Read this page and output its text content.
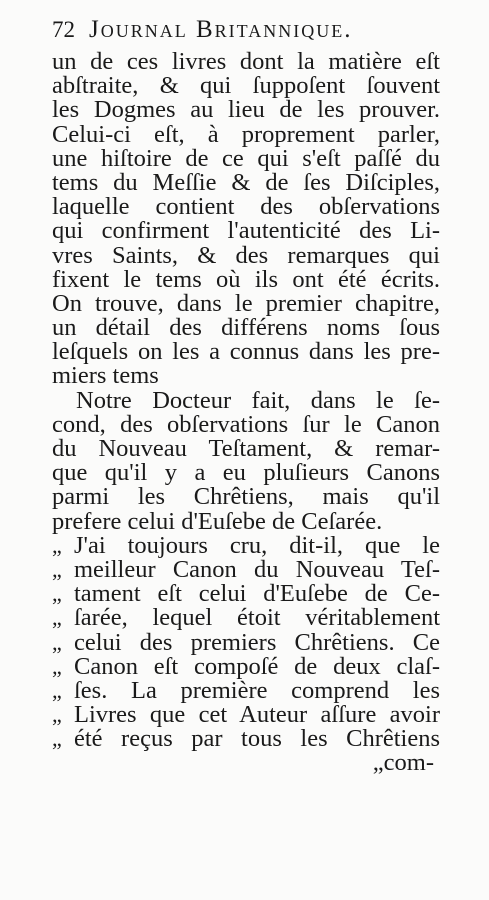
72 Journal Britannique.
un de ces livres dont la matière eſt
abſtraite, & qui ſuppoſent ſouvent
les Dogmes au lieu de les prouver.
Celui-ci eſt, à proprement parler,
une hiſtoire de ce qui s'eſt paſſé du
tems du Meſſie & de ſes Diſciples,
laquelle contient des obſervations
qui confirment l'autenticité des Li-
vres Saints, & des remarques qui
fixent le tems où ils ont été écrits.
On trouve, dans le premier chapitre,
un détail des différens noms ſous
leſquels on les a connus dans les pre-
miers tems
Notre Docteur fait, dans le ſe-
cond, des obſervations ſur le Canon
du Nouveau Teſtament, & remar-
que qu'il y a eu pluſieurs Canons
parmi les Chrêtiens, mais qu'il
prefere celui d'Euſebe de Ceſarée.
„ J'ai toujours cru, dit-il, que le
„ meilleur Canon du Nouveau Teſ-
„ tament eſt celui d'Euſebe de Ce-
„ ſarée, lequel étoit véritablement
„ celui des premiers Chrêtiens. Ce
„ Canon eſt compoſé de deux claſ-
„ ſes. La première comprend les
„ Livres que cet Auteur aſſure avoir
„ été reçus par tous les Chrêtiens
„com-
